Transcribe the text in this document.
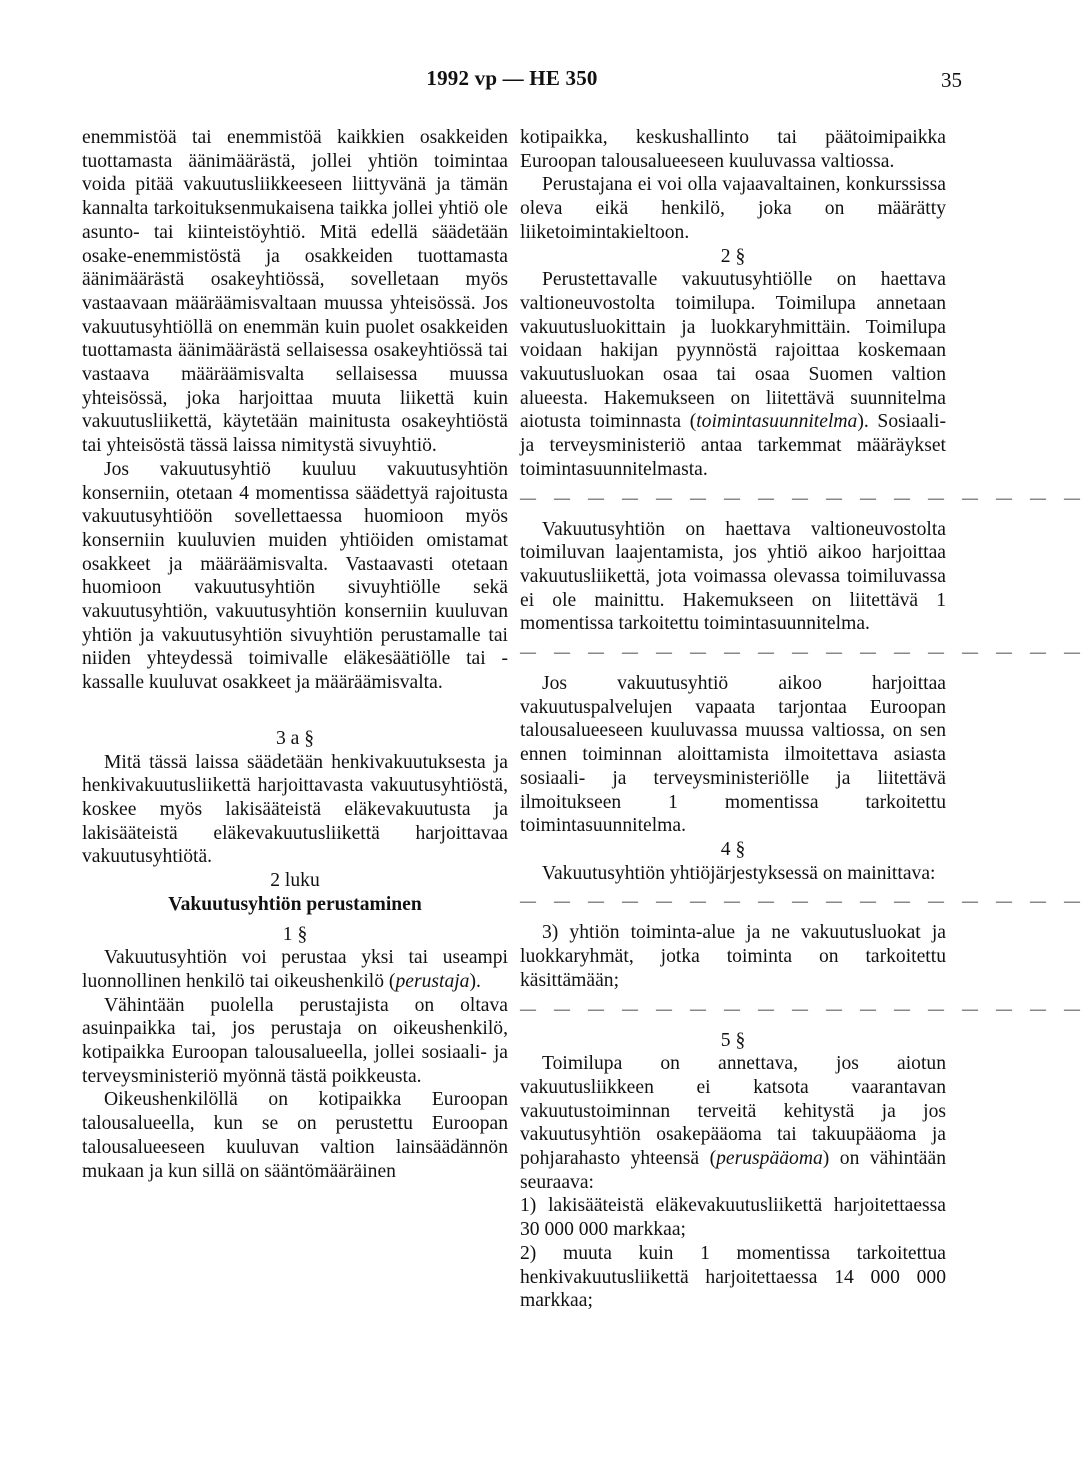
1992 vp — HE 350	35

enemmistöä tai enemmistöä kaikkien osakkeiden tuottamasta äänimäärästä, jollei yhtiön toimintaa voida pitää vakuutusliikkeeseen liittyvänä ja tämän kannalta tarkoituksenmukaisena taikka jollei yhtiö ole asunto- tai kiinteistöyhtiö. Mitä edellä säädetään osake-enemmistöstä ja osakkeiden tuottamasta äänimäärästä osakeyhtiössä, sovelletaan myös vastaavaan määräämisvaltaan muussa yhteisössä. Jos vakuutusyhtiöllä on enemmän kuin puolet osakkeiden tuottamasta äänimäärästä sellaisessa osakeyhtiössä tai vastaava määräämisvalta sellaisessa muussa yhteisössä, joka harjoittaa muuta liikettä kuin vakuutusliikettä, käytetään mainitusta osakeyhtiöstä tai yhteisöstä tässä laissa nimitystä sivuyhtiö.

Jos vakuutusyhtiö kuuluu vakuutusyhtiön konserniin, otetaan 4 momentissa säädettyä rajoitusta vakuutusyhtiöön sovellettaessa huomioon myös konserniin kuuluvien muiden yhtiöiden omistamat osakkeet ja määräämisvalta. Vastaavasti otetaan huomioon vakuutusyhtiön sivuyhtiölle sekä vakuutusyhtiön, vakuutusyhtiön konserniin kuuluvan yhtiön ja vakuutusyhtiön sivuyhtiön perustamalle tai niiden yhteydessä toimivalle eläkesäätiölle tai -kassalle kuuluvat osakkeet ja määräämisvalta.

3 a §

Mitä tässä laissa säädetään henkivakuutuksesta ja henkivakuutusliikettä harjoittavasta vakuutusyhtiöstä, koskee myös lakisääteistä eläkevakuutusta ja lakisääteistä eläkevakuutusliikettä harjoittavaa vakuutusyhtiötä.

2 luku

Vakuutusyhtiön perustaminen

1 §

Vakuutusyhtiön voi perustaa yksi tai useampi luonnollinen henkilö tai oikeushenkilö (perustaja).

Vähintään puolella perustajista on oltava asuinpaikka tai, jos perustaja on oikeushenkilö, kotipaikka Euroopan talousalueella, jollei sosiaali- ja terveysministeriö myönnä tästä poikkeusta.

Oikeushenkilöllä on kotipaikka Euroopan talousalueella, kun se on perustettu Euroopan talousalueeseen kuuluvan valtion lainsäädännön mukaan ja kun sillä on sääntömääräinen

kotipaikka, keskushallinto tai päätoimipaikka Euroopan talousalueeseen kuuluvassa valtiossa.

Perustajana ei voi olla vajaavaltainen, konkurssissa oleva eikä henkilö, joka on määrätty liiketoimintakieltoon.

2 §

Perustettavalle vakuutusyhtiölle on haettava valtioneuvostolta toimilupa. Toimilupa annetaan vakuutusluokittain ja luokkaryhmittäin. Toimilupa voidaan hakijan pyynnöstä rajoittaa koskemaan vakuutusluokan osaa tai osaa Suomen valtion alueesta. Hakemukseen on liitettävä suunnitelma aiotusta toiminnasta (toimintasuunnitelma). Sosiaali- ja terveysministeriö antaa tarkemmat määräykset toimintasuunnitelmasta.

— — — — — — — — — — — — — — — — —

Vakuutusyhtiön on haettava valtioneuvostolta toimiluvan laajentamista, jos yhtiö aikoo harjoittaa vakuutusliikettä, jota voimassa olevassa toimiluvassa ei ole mainittu. Hakemukseen on liitettävä 1 momentissa tarkoitettu toimintasuunnitelma.

— — — — — — — — — — — — — — — — —

Jos vakuutusyhtiö aikoo harjoittaa vakuutuspalvelujen vapaata tarjontaa Euroopan talousalueeseen kuuluvassa muussa valtiossa, on sen ennen toiminnan aloittamista ilmoitettava asiasta sosiaali- ja terveysministeriölle ja liitettävä ilmoitukseen 1 momentissa tarkoitettu toimintasuunnitelma.

4 §

Vakuutusyhtiön yhtiöjärjestyksessä on mainittava:

— — — — — — — — — — — — — — — — —

3) yhtiön toiminta-alue ja ne vakuutusluokat ja luokkaryhmät, jotka toiminta on tarkoitettu käsittämään;

— — — — — — — — — — — — — — — — —

5 §

Toimilupa on annettava, jos aiotun vakuutusliikkeen ei katsota vaarantavan vakuutustoiminnan terveitä kehitystä ja jos vakuutusyhtiön osakepääoma tai takuupääoma ja pohjarahasto yhteensä (peruspääoma) on vähintään seuraava:

1) lakisääteistä eläkevakuutusliikettä harjoitettaessa 30 000 000 markkaa;

2) muuta kuin 1 momentissa tarkoitettua henkivakuutusliikettä harjoitettaessa 14 000 000 markkaa;
